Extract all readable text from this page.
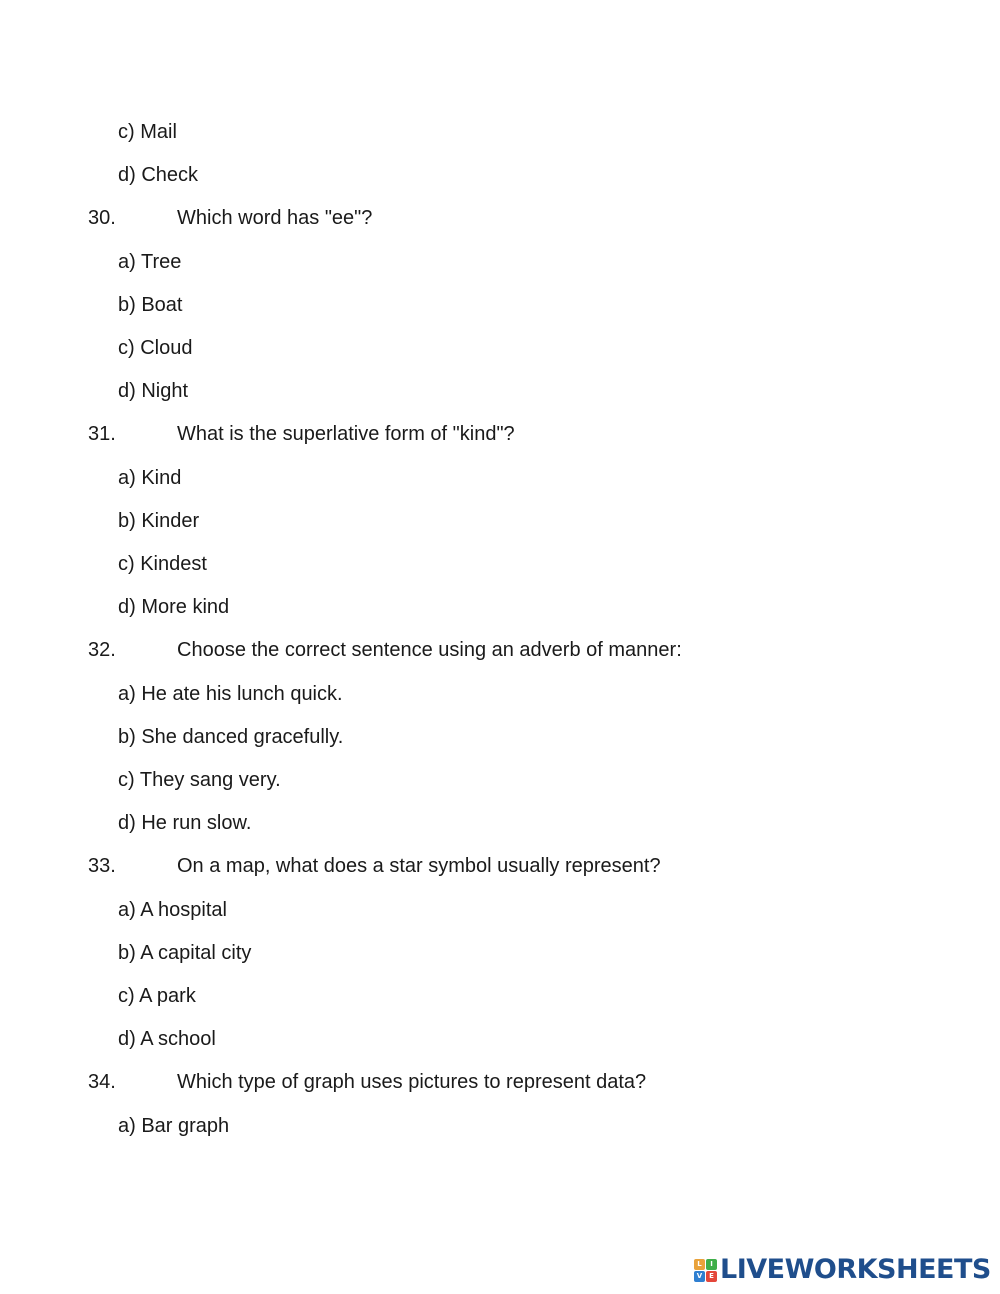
c) Mail
d) Check
30.	Which word has "ee"?
a) Tree
b) Boat
c) Cloud
d) Night
31.	What is the superlative form of "kind"?
a) Kind
b) Kinder
c) Kindest
d) More kind
32.	Choose the correct sentence using an adverb of manner:
a) He ate his lunch quick.
b) She danced gracefully.
c) They sang very.
d) He run slow.
33.	On a map, what does a star symbol usually represent?
a) A hospital
b) A capital city
c) A park
d) A school
34.	Which type of graph uses pictures to represent data?
a) Bar graph
L	I
V E LIVEWORKSHEETS
